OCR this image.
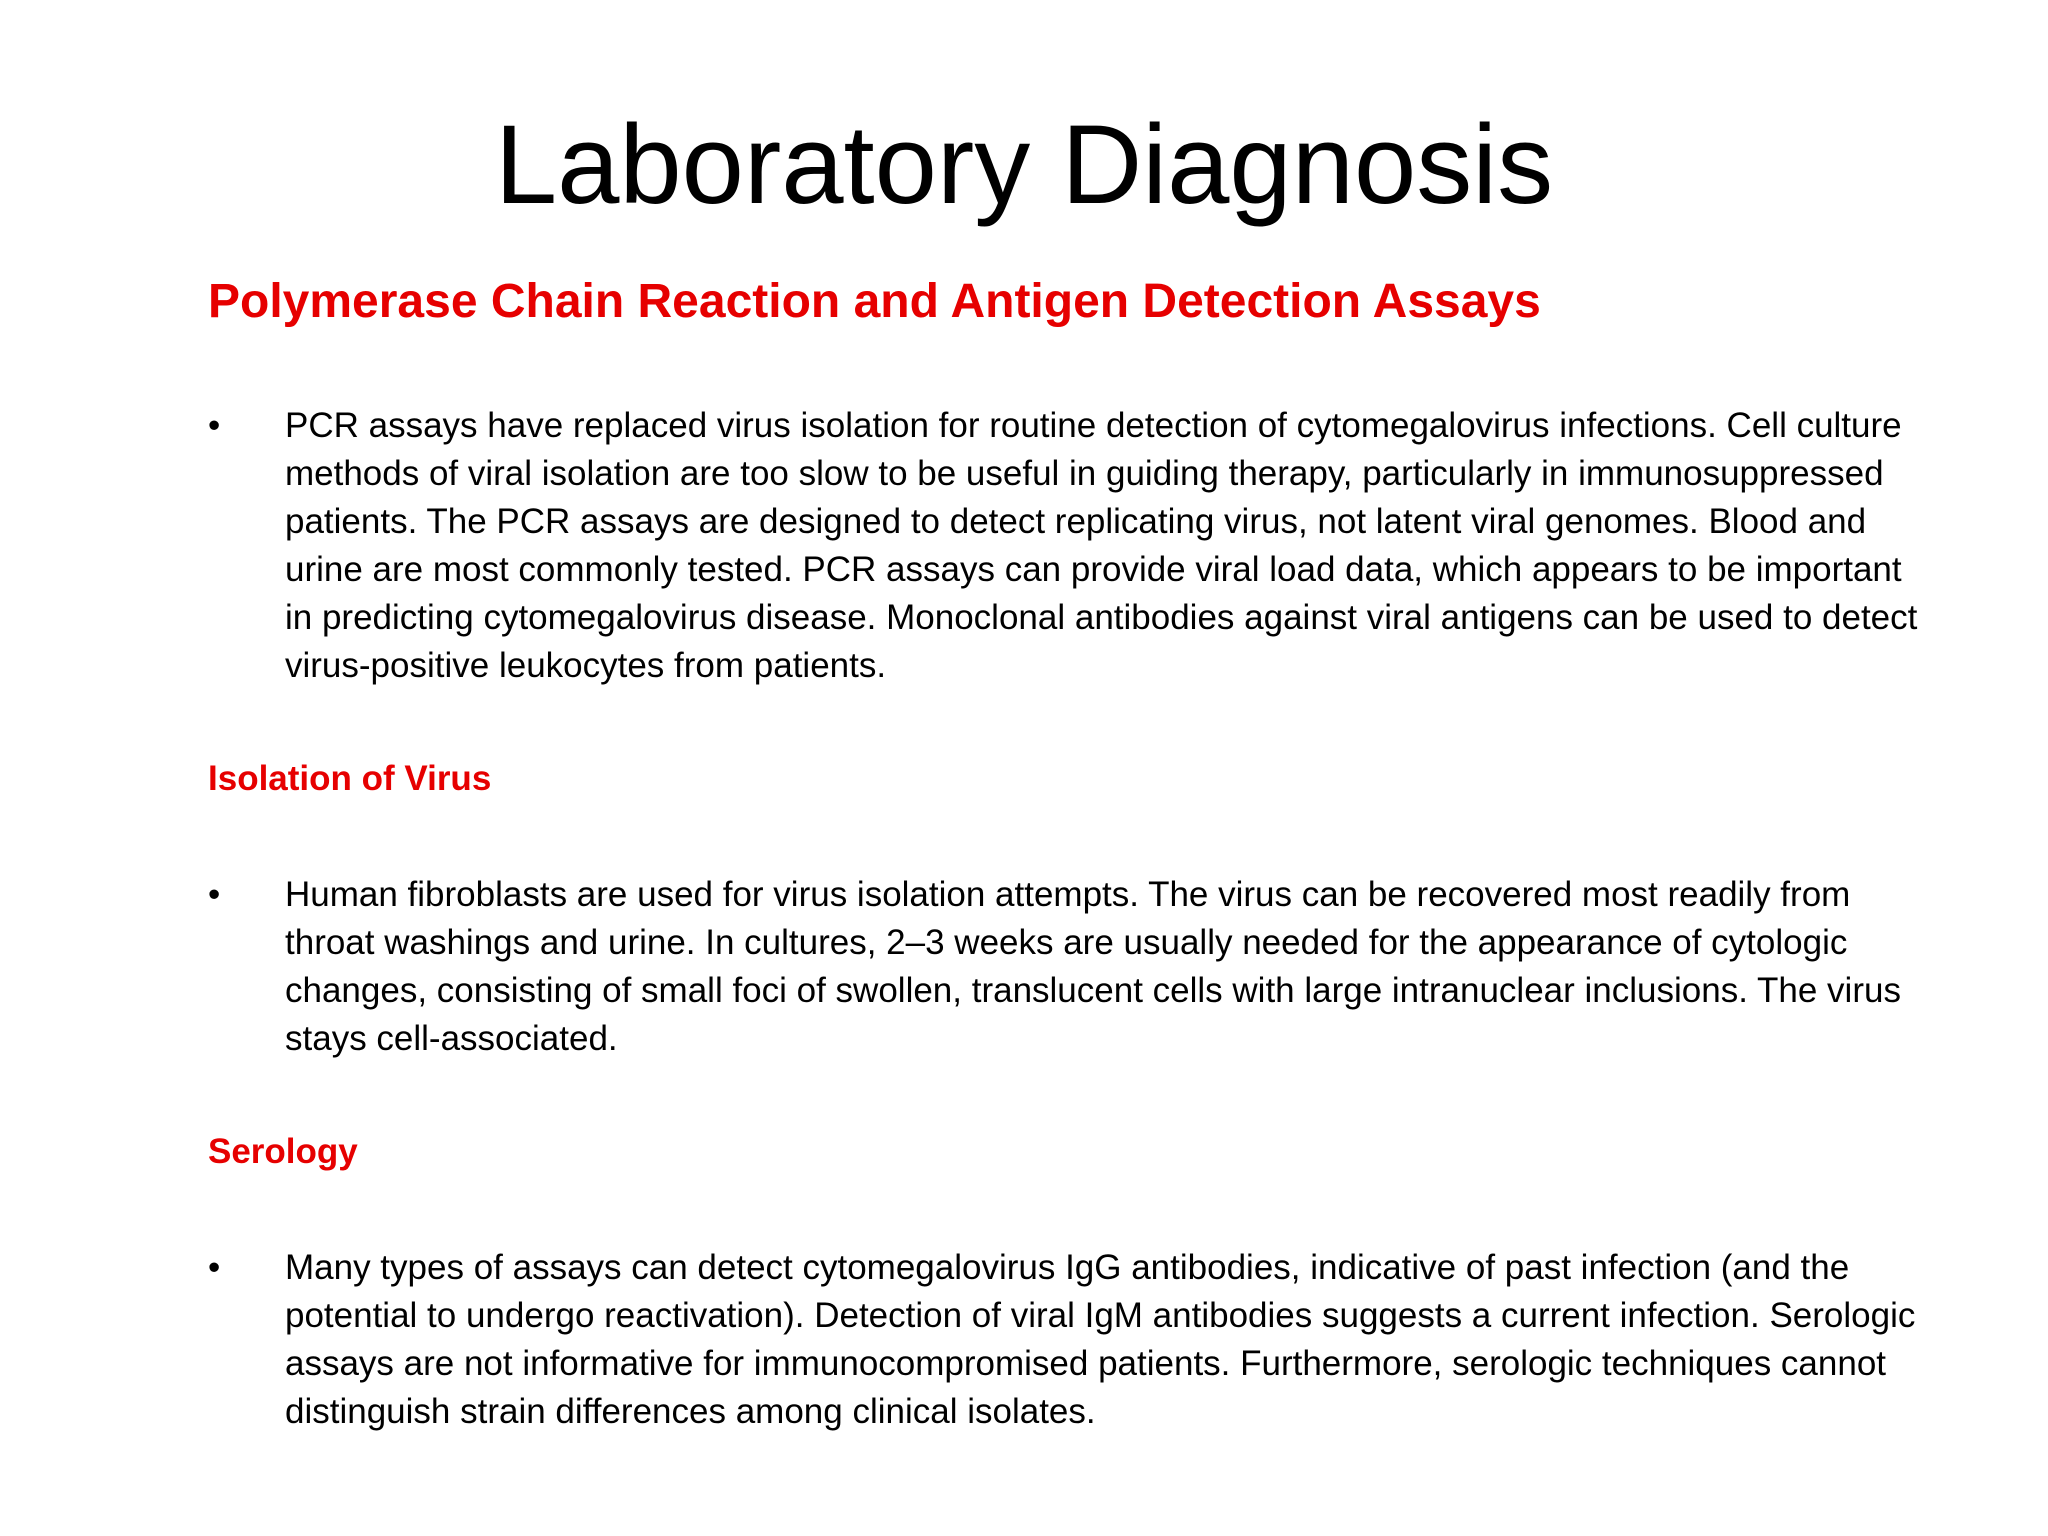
Laboratory Diagnosis
Polymerase Chain Reaction and Antigen Detection Assays
•	PCR assays have replaced virus isolation for routine detection of cytomegalovirus infections. Cell culture methods of viral isolation are too slow to be useful in guiding therapy, particularly in immunosuppressed patients. The PCR assays are designed to detect replicating virus, not latent viral genomes. Blood and urine are most commonly tested. PCR assays can provide viral load data, which appears to be important in predicting cytomegalovirus disease. Monoclonal antibodies against viral antigens can be used to detect virus-positive leukocytes from patients.
Isolation of Virus
•	Human fibroblasts are used for virus isolation attempts. The virus can be recovered most readily from throat washings and urine. In cultures, 2–3 weeks are usually needed for the appearance of cytologic changes, consisting of small foci of swollen, translucent cells with large intranuclear inclusions. The virus stays cell-associated.
Serology
•	Many types of assays can detect cytomegalovirus IgG antibodies, indicative of past infection (and the potential to undergo reactivation). Detection of viral IgM antibodies suggests a current infection. Serologic assays are not informative for immunocompromised patients. Furthermore, serologic techniques cannot distinguish strain differences among clinical isolates.
